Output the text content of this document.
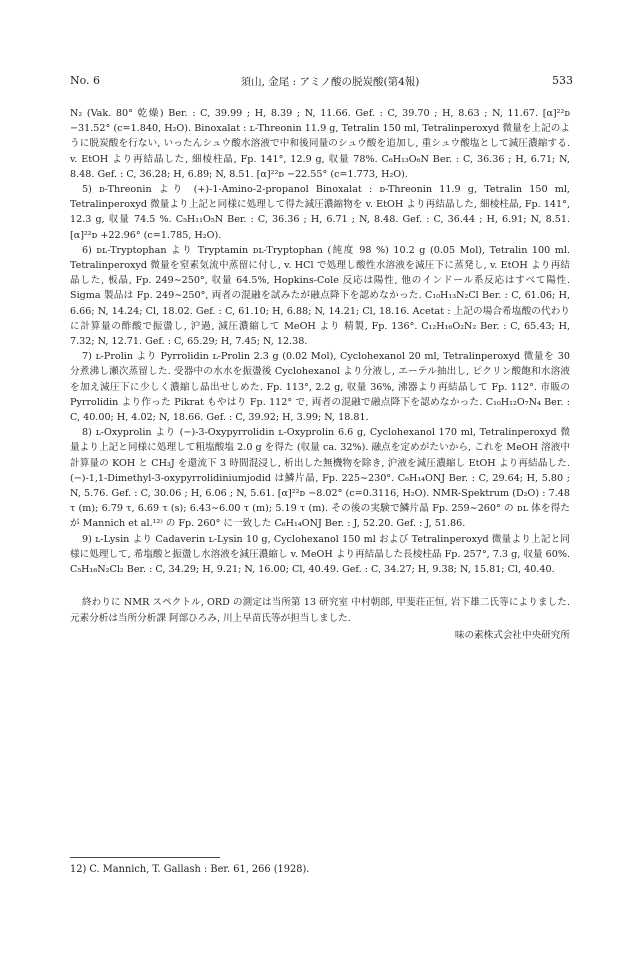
No. 6	須山, 金尾 : アミノ酸の脱炭酸(第4報)	533

N₂ (Vak. 80° 乾燥) Ber. : C, 39.99 ; H, 8.39 ; N, 11.66. Gef. : C, 39.70 ; H, 8.63 ; N, 11.67. [α]²²ᴅ −31.52° (c=1.840, H₂O). Binoxalat : ʟ-Threonin 11.9 g, Tetralin 150 ml, Tetralinperoxyd 微量を上記のように脱炭酸を行ない, いったんシュウ酸水溶液で中和後同量のシュウ酸を追加し, 重シュウ酸塩として減圧濃縮する. v. EtOH より再結晶した, 細棱柱晶, Fp. 141°, 12.9 g, 収量 78%. C₆H₁₃O₆N Ber. : C, 36.36 ; H, 6.71; N, 8.48. Gef. : C, 36.28; H, 6.89; N, 8.51. [α]²²ᴅ −22.55° (c=1.773, H₂O).

5) ᴅ-Threonin より (+)-1-Amino-2-propanol Binoxalat : ᴅ-Threonin 11.9 g, Tetralin 150 ml, Tetralinperoxyd 微量より上記と同様に処理して得た減圧濃縮物を v. EtOH より再結晶した, 細棱柱晶, Fp. 141°, 12.3 g, 収量 74.5 %. C₅H₁₁O₅N Ber. : C, 36.36 ; H, 6.71 ; N, 8.48. Gef. : C, 36.44 ; H, 6.91; N, 8.51. [α]²²ᴅ +22.96° (c=1.785, H₂O).

6) ᴅʟ-Tryptophan より Tryptamin ᴅʟ-Tryptophan (純度 98 %) 10.2 g (0.05 Mol), Tetralin 100 ml. Tetralinperoxyd 微量を窒素気流中蒸留に付し, v. HCl で処理し酸性水溶液を減圧下に蒸発し, v. EtOH より再結晶した, 板晶, Fp. 249∼250°, 収量 64.5%, Hopkins-Cole 反応は陽性, 他のインドール系反応はすべて陽性. Sigma 製品は Fp. 249∼250°, 両者の混融を試みたが融点降下を認めなかった. C₁₀H₁₃N₂Cl Ber. : C, 61.06; H, 6.66; N, 14.24; Cl, 18.02. Gef. : C, 61.10; H, 6.88; N, 14.21; Cl, 18.16. Acetat : 上記の場合希塩酸の代わりに計算量の酢酸で振盪し, 沪過, 減圧濃縮して MeOH より 精製, Fp. 136°. C₁₂H₁₆O₂N₂ Ber. : C, 65.43; H, 7.32; N, 12.71. Gef. : C, 65.29; H, 7.45; N, 12.38.

7) ʟ-Prolin より Pyrrolidin ʟ-Prolin 2.3 g (0.02 Mol), Cyclohexanol 20 ml, Tetralinperoxyd 微量を 30 分煮沸し瀬次蒸留した. 受器中の水水を振盪後 Cyclohexanol より分液し, エーテル抽出し, ピクリン酸飽和水溶液を加え減圧下に少しく濃縮し晶出せしめた. Fp. 113°, 2.2 g, 収量 36%, 沸器より再結晶して Fp. 112°. 市販の Pyrrolidin より作った Pikrat もやはり Fp. 112° で, 両者の混融で融点降下を認めなかった. C₁₀H₁₂O₇N₄ Ber. : C, 40.00; H, 4.02; N, 18.66. Gef. : C, 39.92; H, 3.99; N, 18.81.

8) ʟ-Oxyprolin より (−)-3-Oxypyrrolidin ʟ-Oxyprolin 6.6 g, Cyclohexanol 170 ml, Tetralinperoxyd 微量より上記と同様に処理して粗塩酸塩 2.0 g を得た (収量 ca. 32%). 融点を定めがたいから, これを MeOH 溶液中計算量の KOH と CH₃J を還流下 3 時間混浸し, 析出した無機物を除き, 沪液を減圧濃縮し EtOH より再結晶した. (−)-1,1-Dimethyl-3-oxypyrrolidiniumjodid は鱗片晶, Fp. 225∼230°. C₆H₁₄ONJ Ber. : C, 29.64; H, 5.80 ; N, 5.76. Gef. : C, 30.06 ; H, 6.06 ; N, 5.61. [α]²²ᴅ −8.02° (c=0.3116, H₂O). NMR-Spektrum (D₂O) : 7.48 τ (m); 6.79 τ, 6.69 τ (s); 6.43∼6.00 τ (m); 5.19 τ (m). その後の実験で鱗片晶 Fp. 259∼260° の ᴅʟ 体を得たが Mannich et al.¹²⁾ の Fp. 260° に一致した C₆H₁₄ONJ Ber. : J, 52.20. Gef. : J, 51.86.

9) ʟ-Lysin より Cadaverin ʟ-Lysin 10 g, Cyclohexanol 150 ml および Tetralinperoxyd 微量より上記と同様に処理して, 希塩酸と振盪し水溶液を減圧濃縮し v. MeOH より再結晶した長棱柱晶 Fp. 257°, 7.3 g, 収量 60%. C₅H₁₆N₂Cl₂ Ber. : C, 34.29; H, 9.21; N, 16.00; Cl, 40.49. Gef. : C, 34.27; H, 9.38; N, 15.81; Cl, 40.40.

終わりに NMR スペクトル, ORD の測定は当所第 13 研究室 中村朝郎, 甲斐荘正恒, 岩下雄二氏等によりました. 元素分析は当所分析課 阿部ひろみ, 川上早苗氏等が担当しました.

味の素株式会社中央研究所

12) C. Mannich, T. Gallash : Ber. 61, 266 (1928).
